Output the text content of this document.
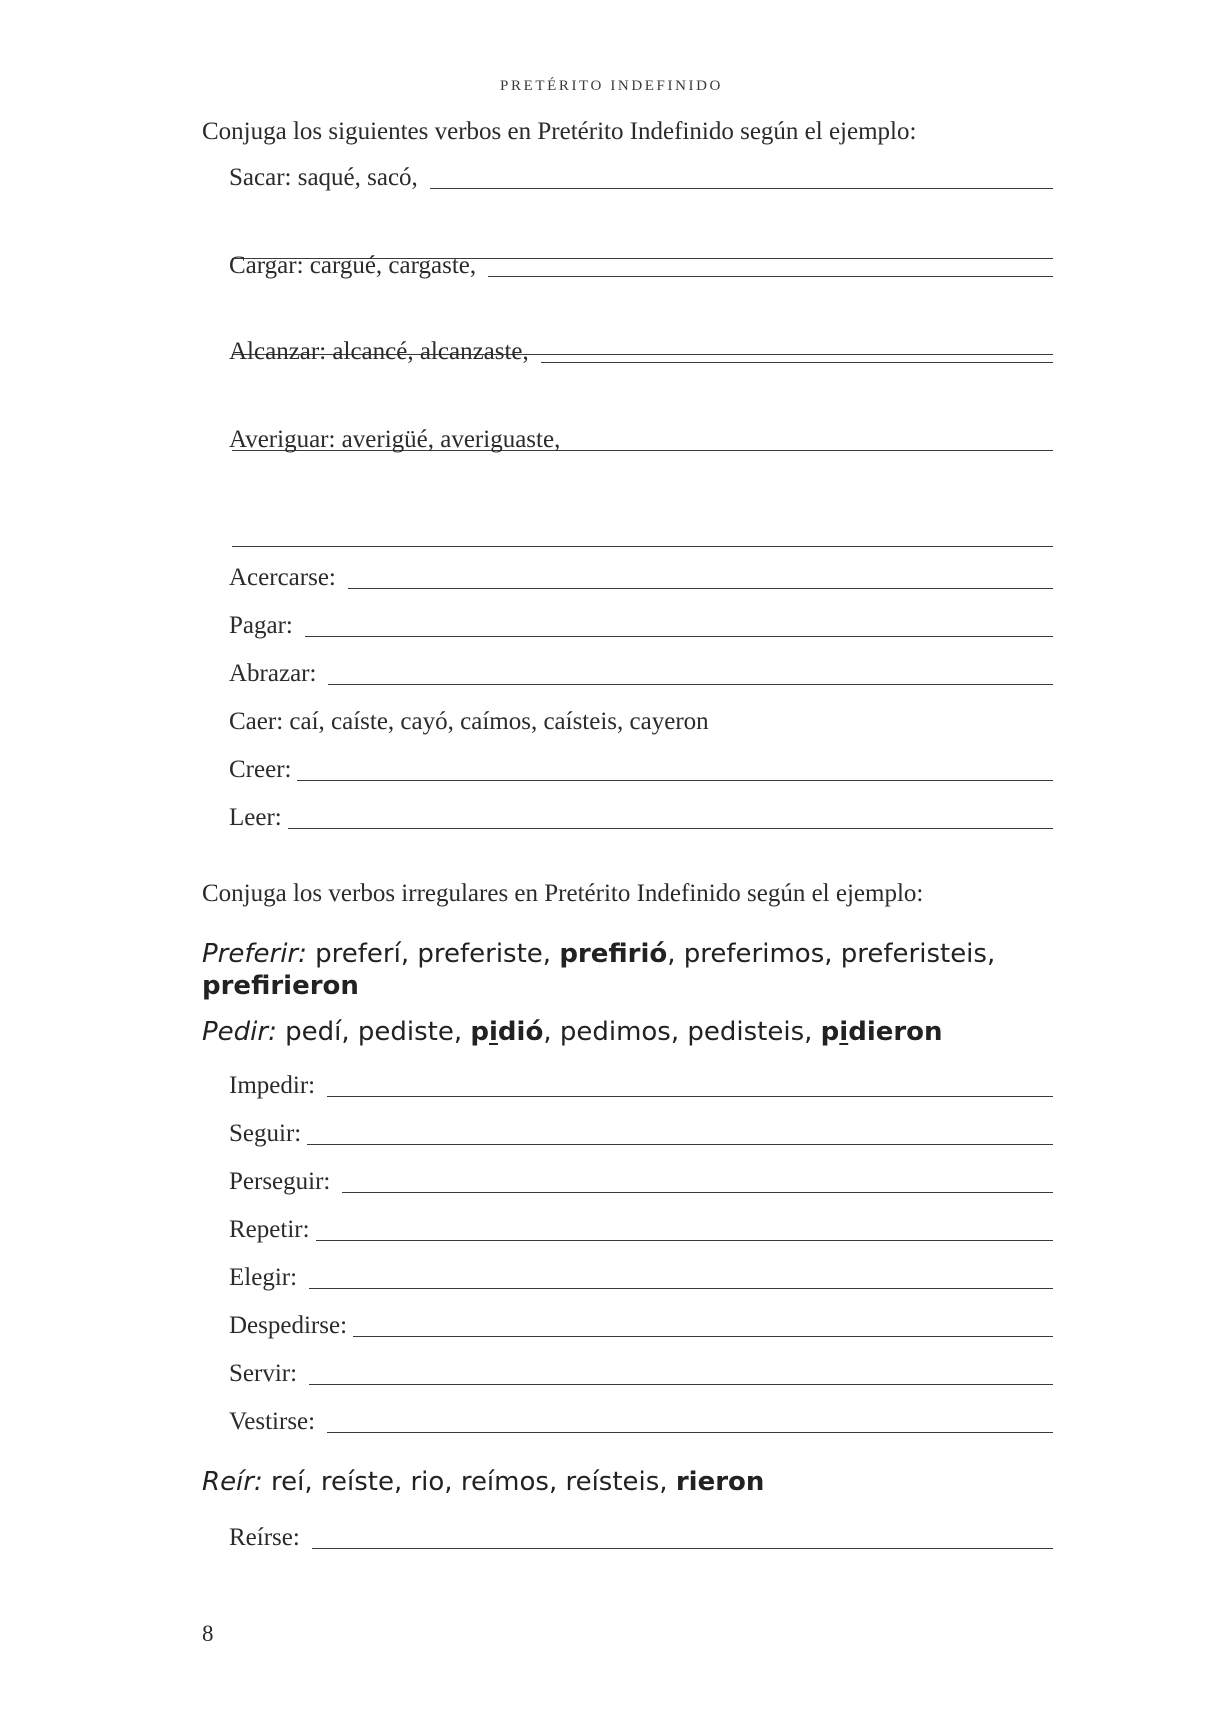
PRETÉRITO INDEFINIDO
Conjuga los siguientes verbos en Pretérito Indefinido según el ejemplo:
Sacar: saqué, sacó,
Cargar: cargué, cargaste,
Alcanzar: alcancé, alcanzaste,
Averiguar: averigüé, averiguaste,
Acercarse:
Pagar:
Abrazar:
Caer: caí, caíste, cayó, caímos, caísteis, cayeron
Creer:
Leer:
Conjuga los verbos irregulares en Pretérito Indefinido según el ejemplo:
Preferir: preferí, preferiste, prefirió, preferimos, preferisteis,
prefirieron
Pedir: pedí, pediste, pidió, pedimos, pedisteis, pidieron
Impedir:
Seguir:
Perseguir:
Repetir:
Elegir:
Despedirse:
Servir:
Vestirse:
Reír: reí, reíste, rio, reímos, reísteis, rieron
Reírse:
8
